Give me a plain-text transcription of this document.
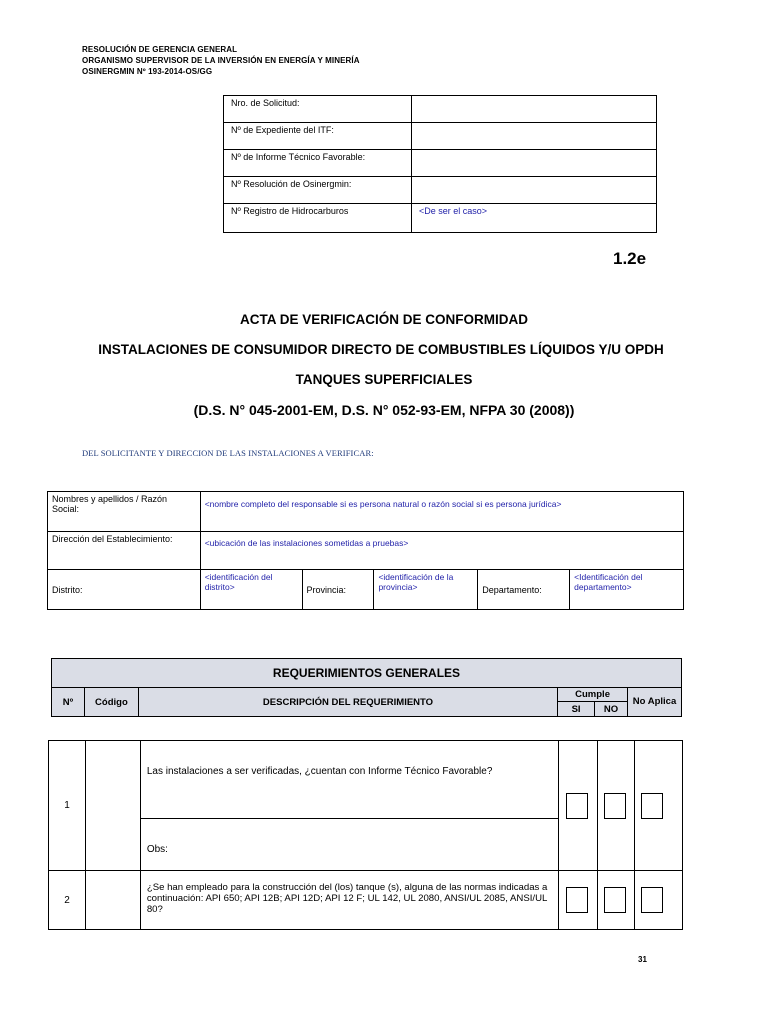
RESOLUCIÓN DE GERENCIA GENERAL
ORGANISMO SUPERVISOR DE LA INVERSIÓN EN ENERGÍA Y MINERÍA
OSINERGMIN Nº 193-2014-OS/GG
Nro. de Solicitud:	
Nº de Expediente del ITF:	
Nº de Informe Técnico Favorable:	
Nº Resolución de Osinergmin:	
Nº Registro de Hidrocarburos	<De ser el caso>
1.2e
ACTA DE VERIFICACIÓN DE CONFORMIDAD
INSTALACIONES DE CONSUMIDOR DIRECTO DE COMBUSTIBLES LÍQUIDOS Y/U OPDH
TANQUES SUPERFICIALES
(D.S. N° 045-2001-EM, D.S. N° 052-93-EM, NFPA 30 (2008))
DEL SOLICITANTE Y DIRECCION DE LAS INSTALACIONES A VERIFICAR:
Nombres y apellidos / Razón Social:	<nombre completo del responsable si es persona natural o razón social si es persona jurídica>				
Dirección del Establecimiento:	<ubicación de las instalaciones sometidas a pruebas>				
Distrito:	<identificación del distrito>	Provincia:	<identificación de la provincia>	Departamento:	<Identificación del departamento>
REQUERIMIENTOS GENERALES					
Nº	Código	DESCRIPCIÓN DEL REQUERIMIENTO	Cumple		No Aplica
			SI	NO	
1		Las instalaciones a ser verificadas, ¿cuentan con Informe Técnico Favorable?	

		Obs:			
2		¿Se han empleado para la construcción del (los) tanque (s), alguna de las normas indicadas a continuación: API 650; API 12B; API 12D; API 12 F; UL 142, UL 2080, ANSI/UL 2085, ANSI/UL 80?	

31
